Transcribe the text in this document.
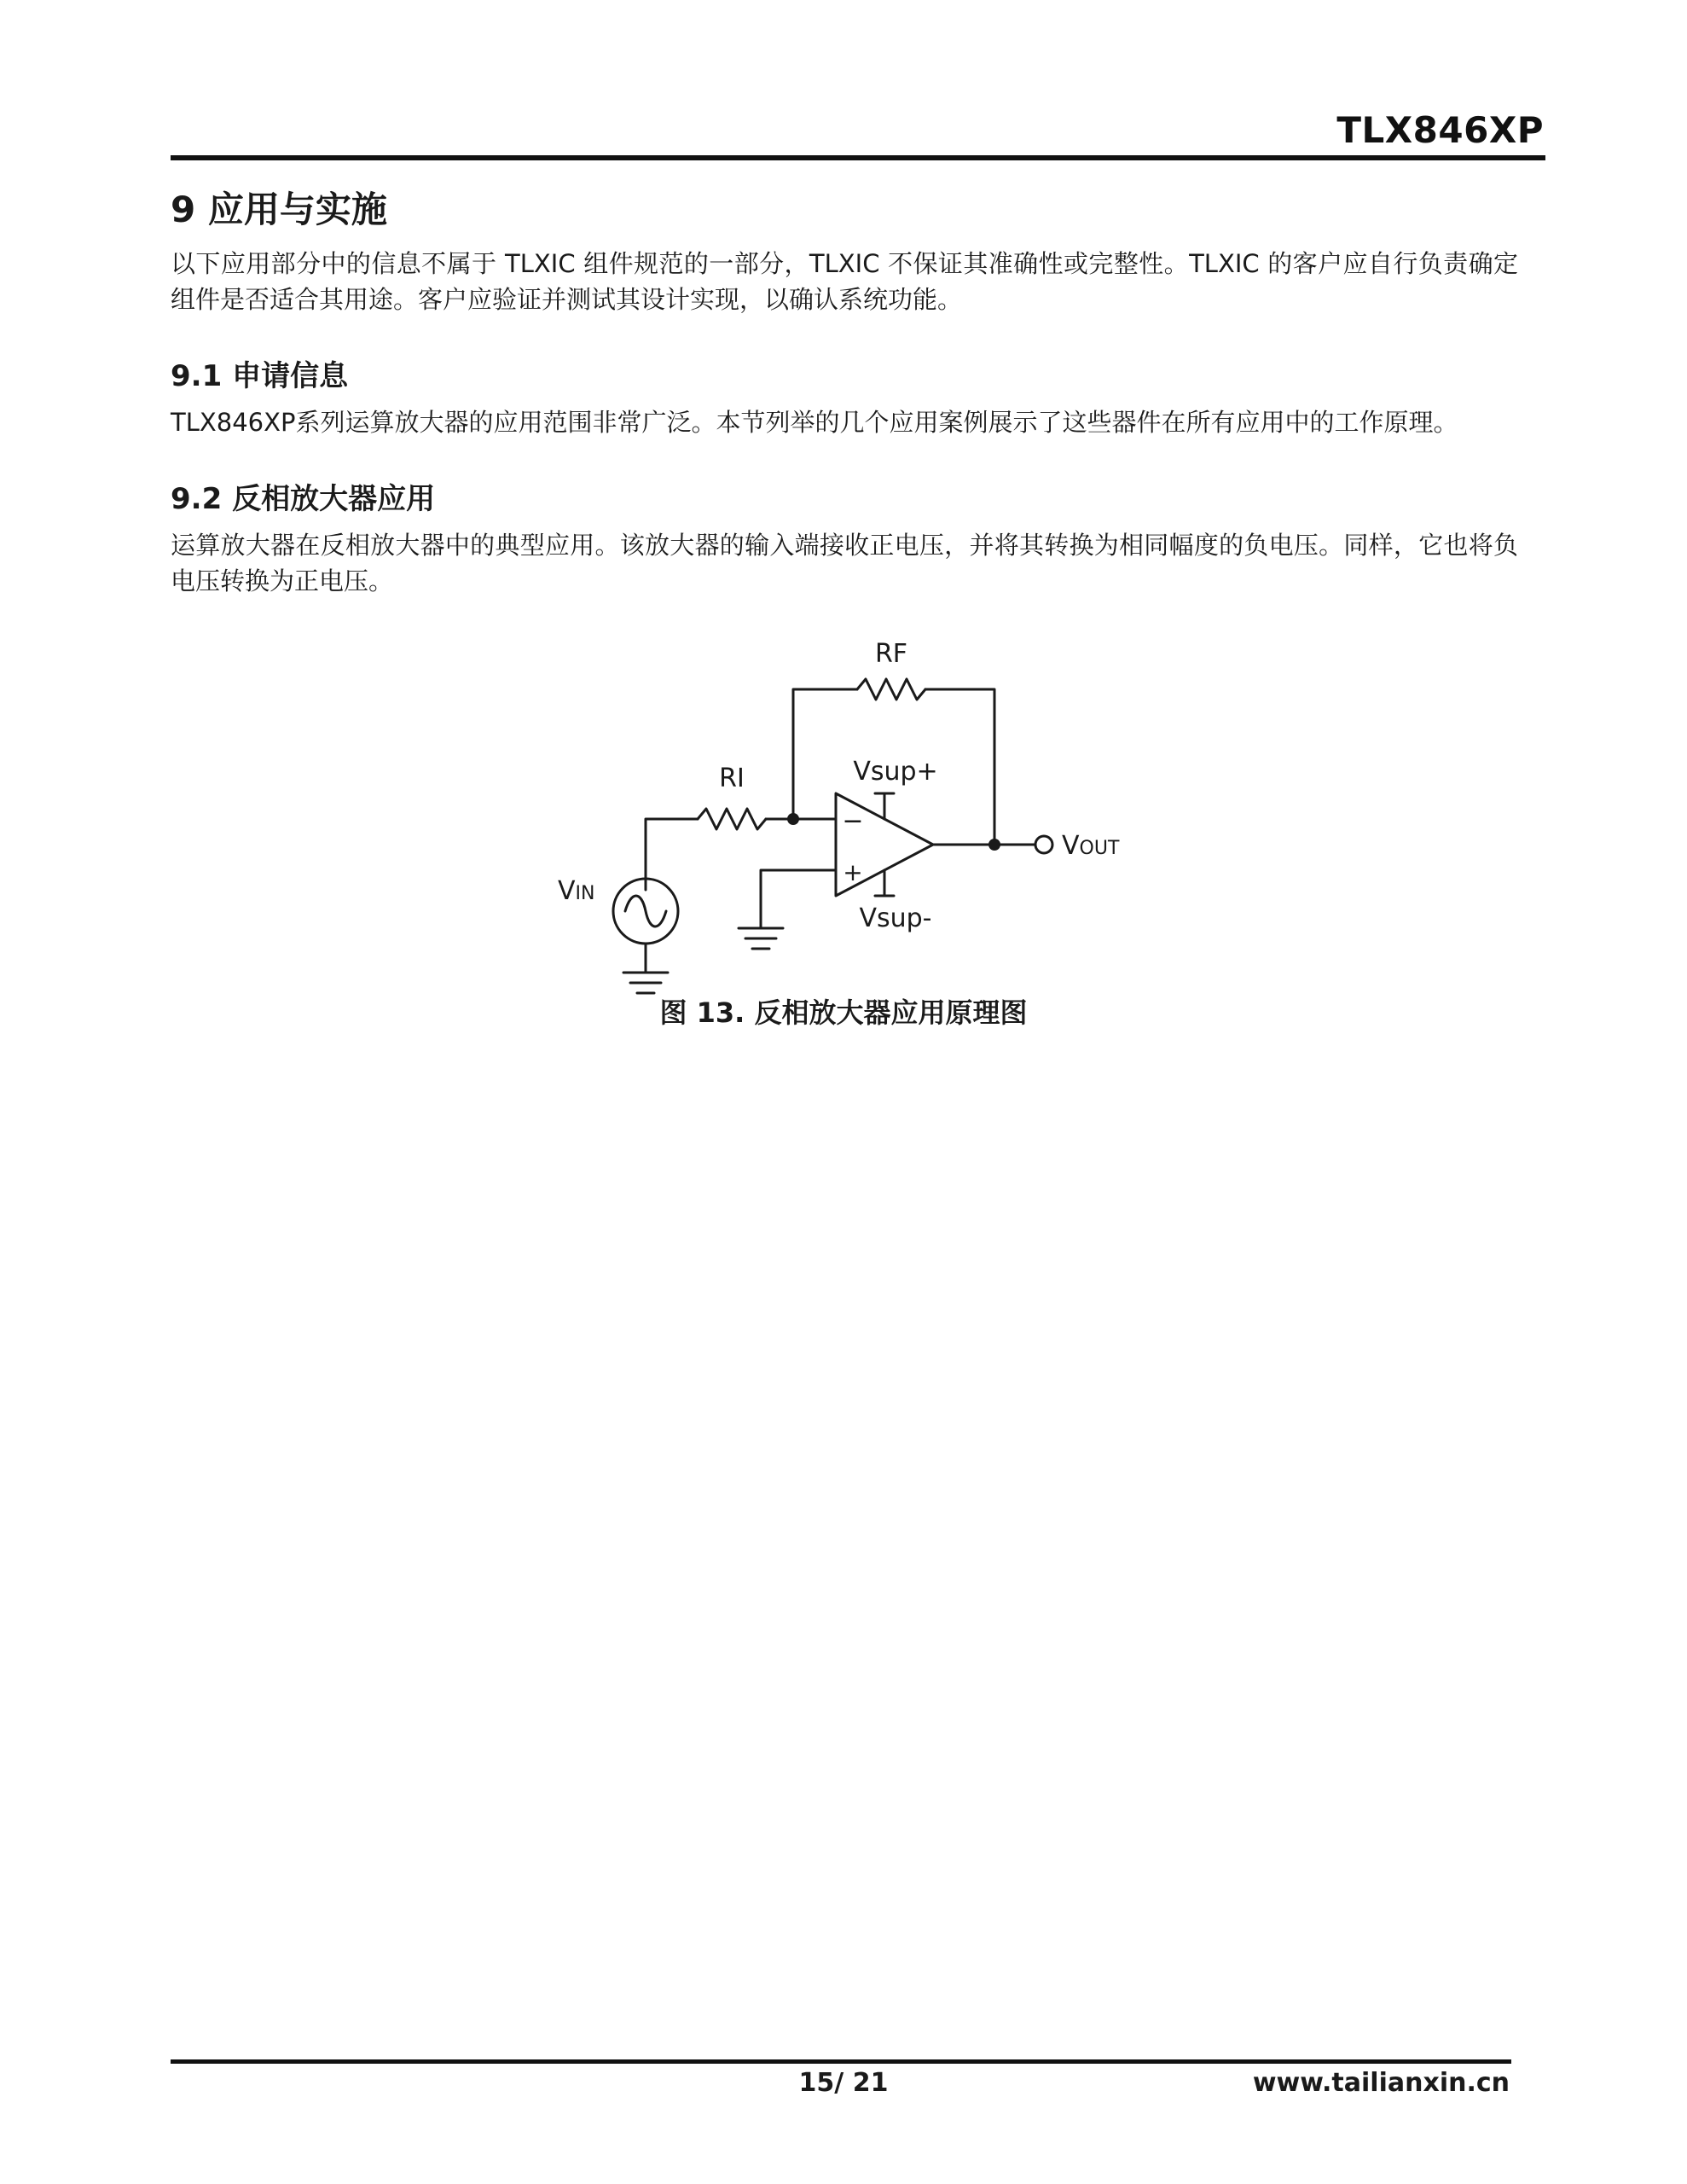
TLX846XP
9 应用与实施

以下应用部分中的信息不属于 TLXIC 组件规范的一部分，TLXIC 不保证其准确性或完整性。TLXIC 的客户应自行负责确定组件是否适合其用途。客户应验证并测试其设计实现，以确认系统功能。

9.1 申请信息

TLX846XP系列运算放大器的应用范围非常广泛。本节列举的几个应用案例展示了这些器件在所有应用中的工作原理。

9.2 反相放大器应用

运算放大器在反相放大器中的典型应用。该放大器的输入端接收正电压，并将其转换为相同幅度的负电压。同样，它也将负电压转换为正电压。

RF
RI	Vsup+
Vsup-
−
+
VIN
VOUT
图 13. 反相放大器应用原理图
15/ 21	www.tailianxin.cn
